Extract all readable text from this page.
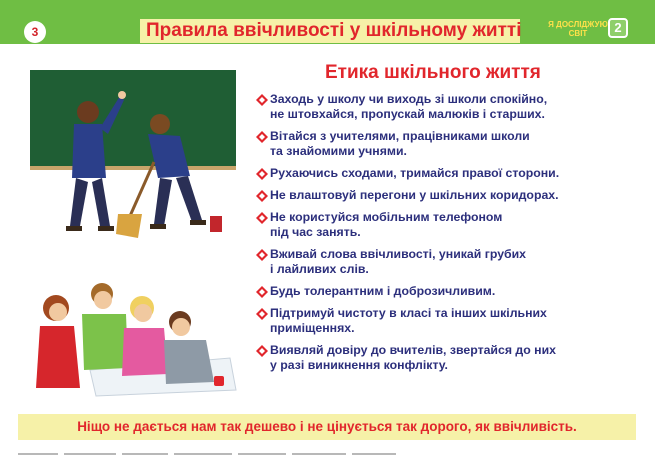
3	Правила ввічливості у шкільному житті	Я ДОСЛІДЖУЮ
СВІТ	2
Етика шкільного життя
Заходь у школу чи виходь зі школи спокійно,
не штовхайся, пропускай малюків і старших.
Вітайся з учителями, працівниками школи
та знайомими учнями.
Рухаючись сходами, тримайся правої сторони.
Не влаштовуй перегони у шкільних коридорах.
Не користуйся мобільним телефоном
під час занять.
Вживай слова ввічливості, уникай грубих
і лайливих слів.
Будь толерантним і доброзичливим.
Підтримуй чистоту в класі та інших шкільних
приміщеннях.
Виявляй довіру до вчителів, звертайся до них
у разі виникнення конфлікту.
Ніщо не дається нам так дешево і не цінується так дорого, як ввічливість.
